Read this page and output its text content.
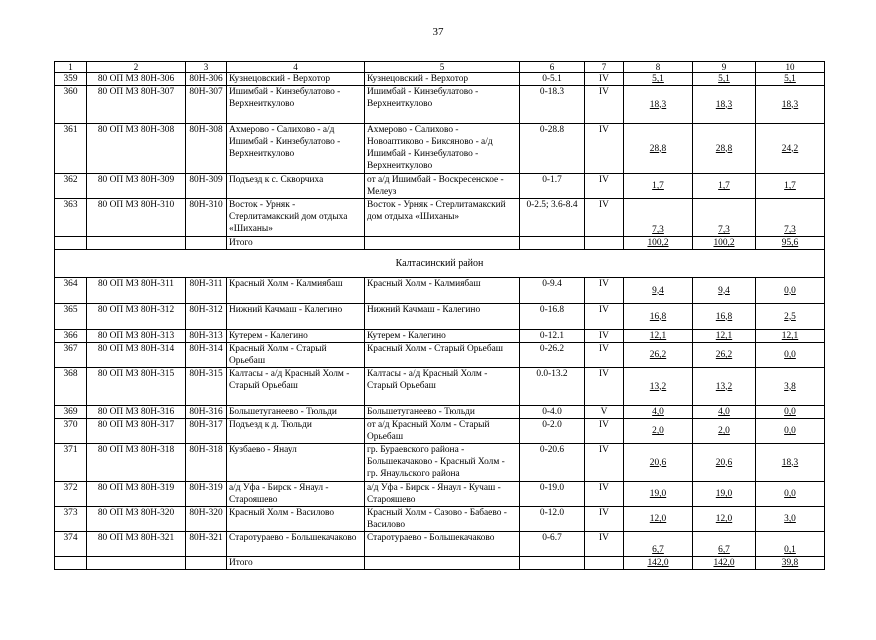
37
1	2	3	4	5	6	7	8	9	10
359	80 ОП МЗ 80Н-306	80Н-306	Кузнецовский - Верхотор	Кузнецовский - Верхотор	0-5.1	IV	5,1	5,1	5,1
360	80 ОП МЗ 80Н-307	80Н-307	Ишимбай - Кинзебулатово - Верхнеиткулово	Ишимбай - Кинзебулатово - Верхнеиткулово	0-18.3	IV	18,3	18,3	18,3
361	80 ОП МЗ 80Н-308	80Н-308	Ахмерово - Салихово - а/д Ишимбай - Кинзебулатово - Верхнеиткулово	Ахмерово - Салихово - Новоаптиково - Биксяново - а/д Ишимбай - Кинзебулатово - Верхнеиткулово	0-28.8	IV	28,8	28,8	24,2
362	80 ОП МЗ 80Н-309	80Н-309	Подъезд к с. Скворчиха	от а/д Ишимбай - Воскресенское - Мелеуз	0-1.7	IV	1,7	1,7	1,7
363	80 ОП МЗ 80Н-310	80Н-310	Восток - Урняк - Стерлитамакский дом отдыха «Шиханы»	Восток - Урняк - Стерлитамакский дом отдыха «Шиханы»	0-2.5; 3.6-8.4	IV	7,3	7,3	7,3
			Итого				100,2	100,2	95,6
Калтасинский район									
364	80 ОП МЗ 80Н-311	80Н-311	Красный Холм - Калмиябаш	Красный Холм - Калмиябаш	0-9.4	IV	9,4	9,4	0,0
365	80 ОП МЗ 80Н-312	80Н-312	Нижний Качмаш - Калегино	Нижний Качмаш - Калегино	0-16.8	IV	16,8	16,8	2,5
366	80 ОП МЗ 80Н-313	80Н-313	Кутерем - Калегино	Кутерем - Калегино	0-12.1	IV	12,1	12,1	12,1
367	80 ОП МЗ 80Н-314	80Н-314	Красный Холм - Старый Орьебаш	Красный Холм - Старый Орьебаш	0-26.2	IV	26,2	26,2	0,0
368	80 ОП МЗ 80Н-315	80Н-315	Калтасы - а/д Красный Холм - Старый Орьебаш	Калтасы - а/д Красный Холм - Старый Орьебаш	0.0-13.2	IV	13,2	13,2	3,8
369	80 ОП МЗ 80Н-316	80Н-316	Большетуганеево - Тюльди	Большетуганеево - Тюльди	0-4.0	V	4,0	4,0	0,0
370	80 ОП МЗ 80Н-317	80Н-317	Подъезд к д. Тюльди	от а/д Красный Холм - Старый Орьебаш	0-2.0	IV	2,0	2,0	0,0
371	80 ОП МЗ 80Н-318	80Н-318	Кузбаево - Янаул	гр. Бураевского района - Большекачаково - Красный Холм - гр. Янаульского района	0-20.6	IV	20,6	20,6	18,3
372	80 ОП МЗ 80Н-319	80Н-319	а/д Уфа - Бирск - Янаул - Старояшево	а/д Уфа - Бирск - Янаул - Кучаш - Старояшево	0-19.0	IV	19,0	19,0	0,0
373	80 ОП МЗ 80Н-320	80Н-320	Красный Холм - Василово	Красный Холм - Сазово - Бабаево - Василово	0-12.0	IV	12,0	12,0	3,0
374	80 ОП МЗ 80Н-321	80Н-321	Старотураево - Большекачаково	Старотураево - Большекачаково	0-6.7	IV	6,7	6,7	0,1
			Итого				142,0	142,0	39,8
